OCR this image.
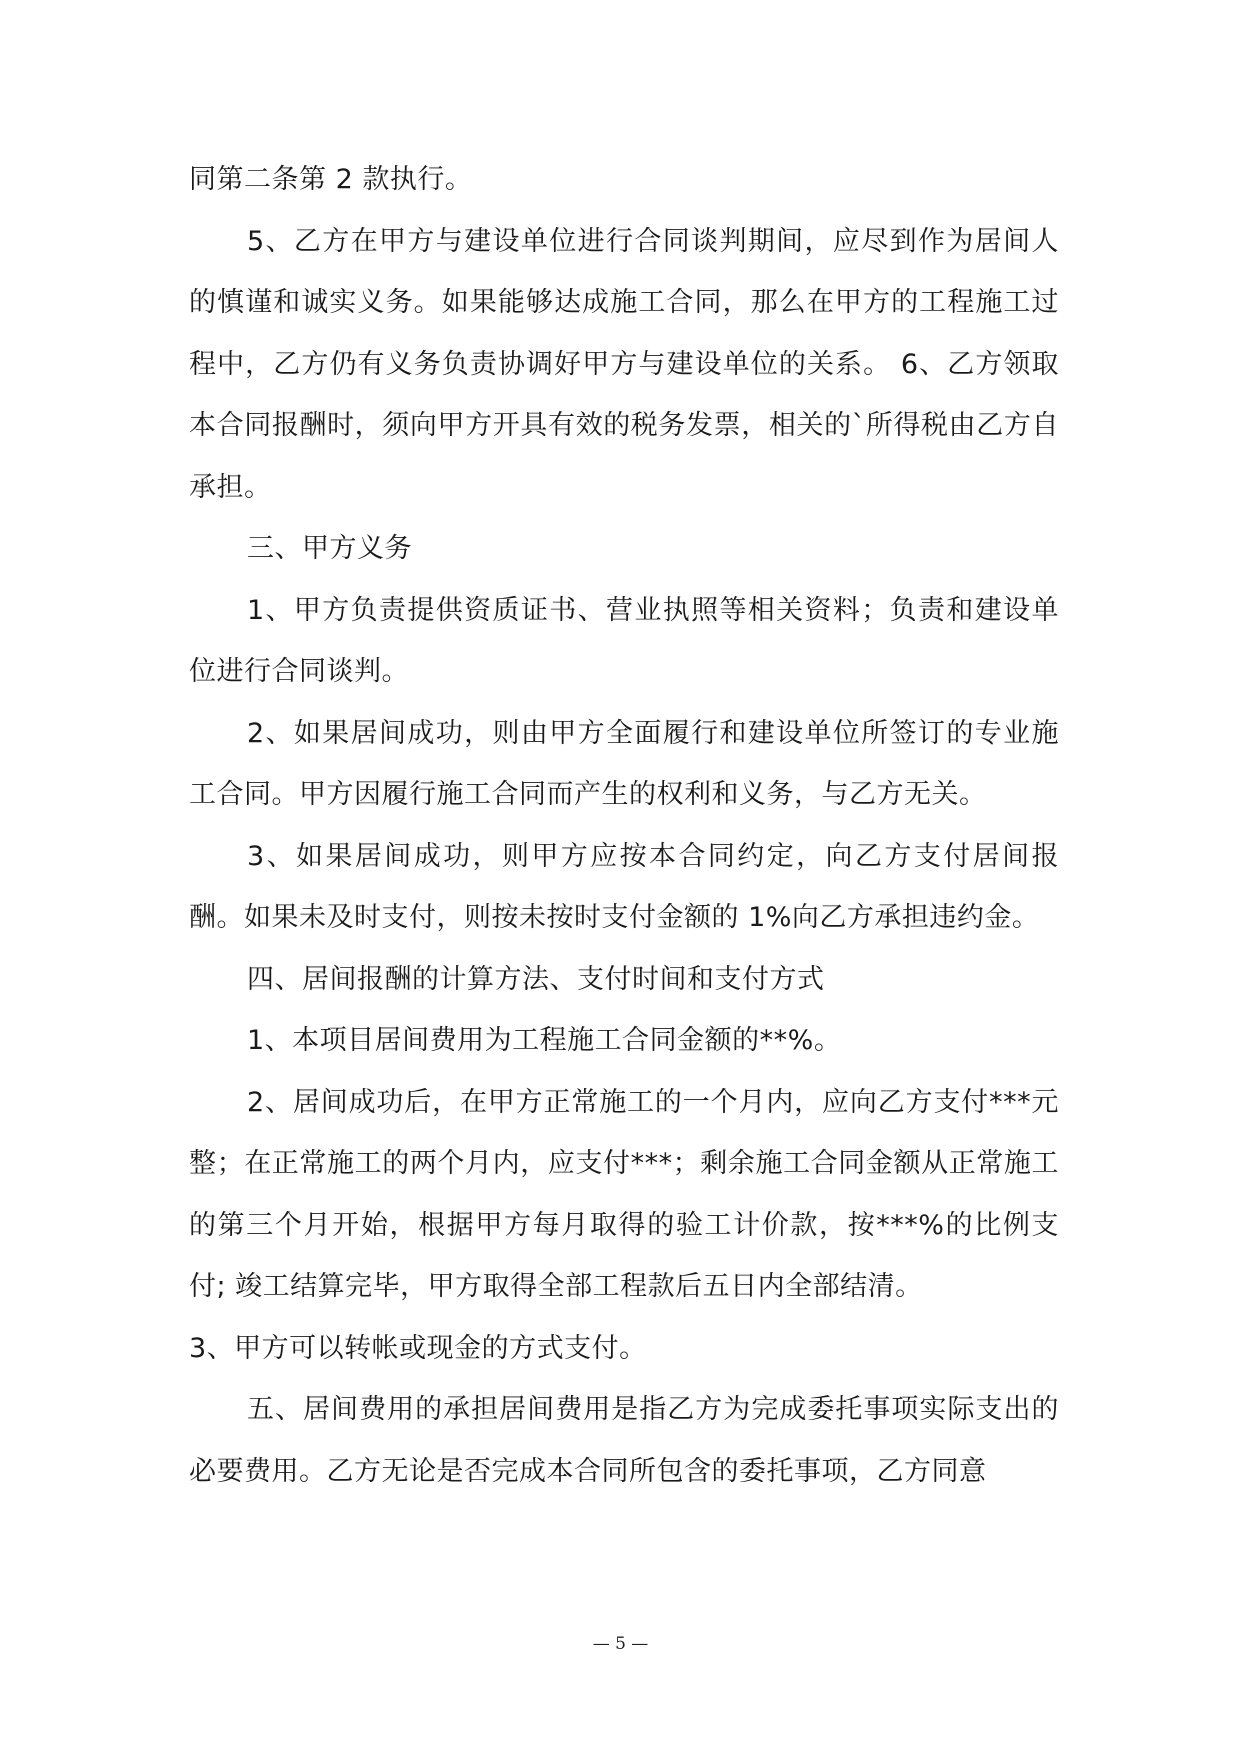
同第二条第 2 款执行。

5、乙方在甲方与建设单位进行合同谈判期间，应尽到作为居间人的慎谨和诚实义务。如果能够达成施工合同，那么在甲方的工程施工过程中，乙方仍有义务负责协调好甲方与建设单位的关系。 6、乙方领取本合同报酬时，须向甲方开具有效的税务发票，相关的`所得税由乙方自承担。

三、甲方义务

1、甲方负责提供资质证书、营业执照等相关资料；负责和建设单位进行合同谈判。

2、如果居间成功，则由甲方全面履行和建设单位所签订的专业施工合同。甲方因履行施工合同而产生的权利和义务，与乙方无关。

3、如果居间成功，则甲方应按本合同约定，向乙方支付居间报酬。如果未及时支付，则按未按时支付金额的 1%向乙方承担违约金。

四、居间报酬的计算方法、支付时间和支付方式

1、本项目居间费用为工程施工合同金额的**%。

2、居间成功后，在甲方正常施工的一个月内，应向乙方支付***元整；在正常施工的两个月内，应支付***；剩余施工合同金额从正常施工的第三个月开始，根据甲方每月取得的验工计价款，按***%的比例支付; 竣工结算完毕，甲方取得全部工程款后五日内全部结清。

3、甲方可以转帐或现金的方式支付。

五、居间费用的承担居间费用是指乙方为完成委托事项实际支出的必要费用。乙方无论是否完成本合同所包含的委托事项，乙方同意

— 5 —
